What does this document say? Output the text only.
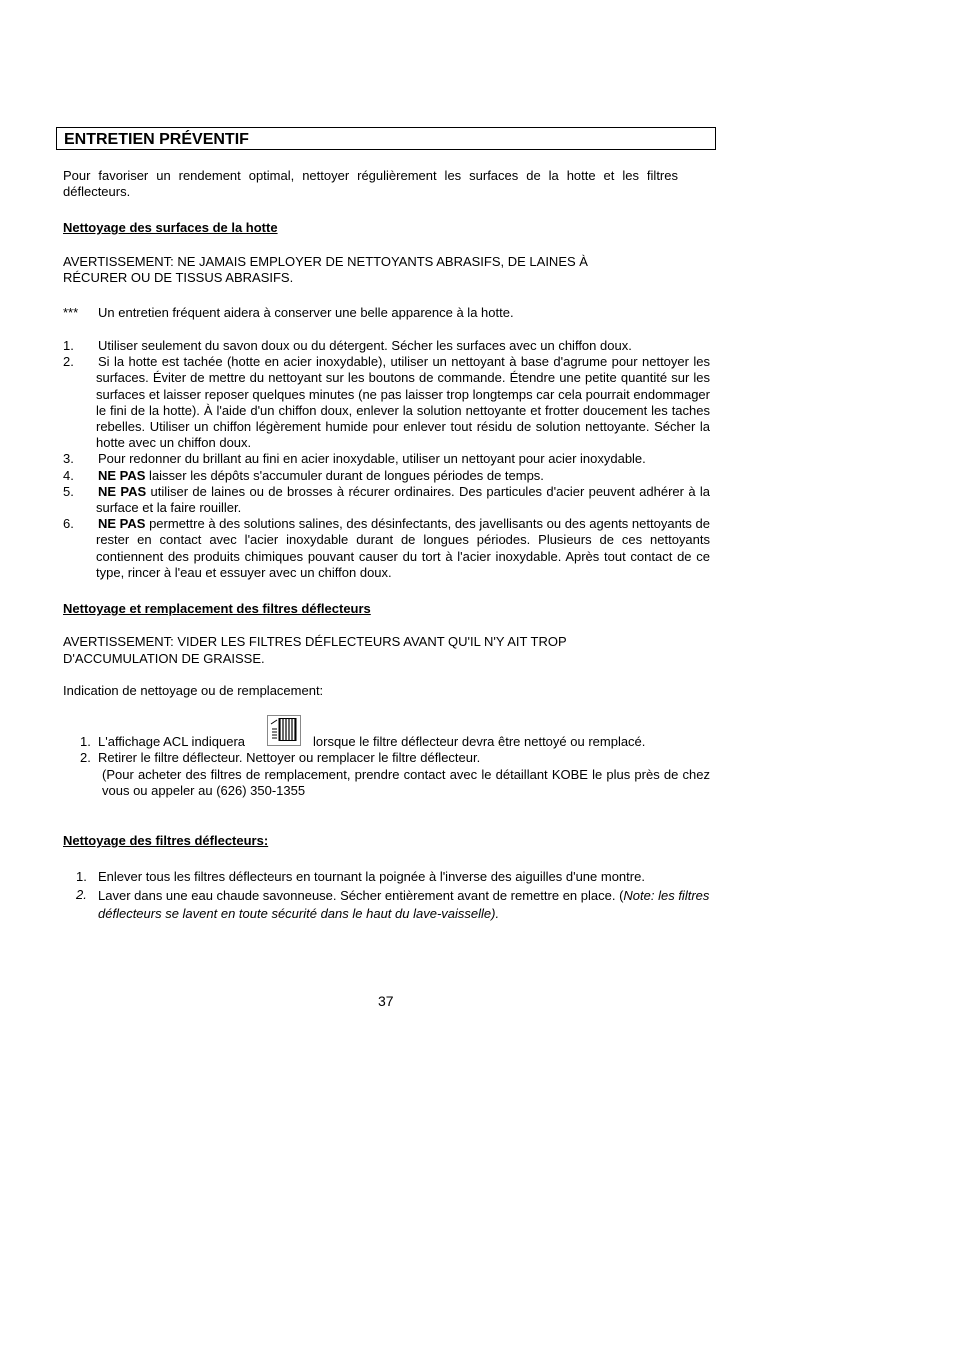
ENTRETIEN PRÉVENTIF
Pour favoriser un rendement optimal, nettoyer régulièrement les surfaces de la hotte et les filtres déflecteurs.
Nettoyage des surfaces de la hotte
AVERTISSEMENT: NE JAMAIS EMPLOYER DE NETTOYANTS ABRASIFS, DE LAINES À
RÉCURER OU DE TISSUS ABRASIFS.
*** Un entretien fréquent aidera à conserver une belle apparence à la hotte.
1. Utiliser seulement du savon doux ou du détergent. Sécher les surfaces avec un chiffon doux.
2. Si la hotte est tachée (hotte en acier inoxydable), utiliser un nettoyant à base d'agrume pour nettoyer les surfaces. Éviter de mettre du nettoyant sur les boutons de commande. Étendre une petite quantité sur les surfaces et laisser reposer quelques minutes (ne pas laisser trop longtemps car cela pourrait endommager le fini de la hotte). À l'aide d'un chiffon doux, enlever la solution nettoyante et frotter doucement les taches rebelles. Utiliser un chiffon légèrement humide pour enlever tout résidu de solution nettoyante. Sécher la hotte avec un chiffon doux.
3. Pour redonner du brillant au fini en acier inoxydable, utiliser un nettoyant pour acier inoxydable.
4. NE PAS laisser les dépôts s'accumuler durant de longues périodes de temps.
5. NE PAS utiliser de laines ou de brosses à récurer ordinaires. Des particules d'acier peuvent adhérer à la surface et la faire rouiller.
6. NE PAS permettre à des solutions salines, des désinfectants, des javellisants ou des agents nettoyants de rester en contact avec l'acier inoxydable durant de longues périodes. Plusieurs de ces nettoyants contiennent des produits chimiques pouvant causer du tort à l'acier inoxydable. Après tout contact de ce type, rincer à l'eau et essuyer avec un chiffon doux.
Nettoyage et remplacement des filtres déflecteurs
AVERTISSEMENT: VIDER LES FILTRES DÉFLECTEURS AVANT QU'IL N'Y AIT TROP
D'ACCUMULATION DE GRAISSE.
Indication de nettoyage ou de remplacement:
1. L'affichage ACL indiquera	lorsque le filtre déflecteur devra être nettoyé ou remplacé.
2. Retirer le filtre déflecteur. Nettoyer ou remplacer le filtre déflecteur.
(Pour acheter des filtres de remplacement, prendre contact avec le détaillant KOBE le plus près de chez vous ou appeler au (626) 350-1355
Nettoyage des filtres déflecteurs:
1. Enlever tous les filtres déflecteurs en tournant la poignée à l'inverse des aiguilles d'une montre.
2. Laver dans une eau chaude savonneuse. Sécher entièrement avant de remettre en place. (Note: les filtres déflecteurs se lavent en toute sécurité dans le haut du lave-vaisselle).
37
